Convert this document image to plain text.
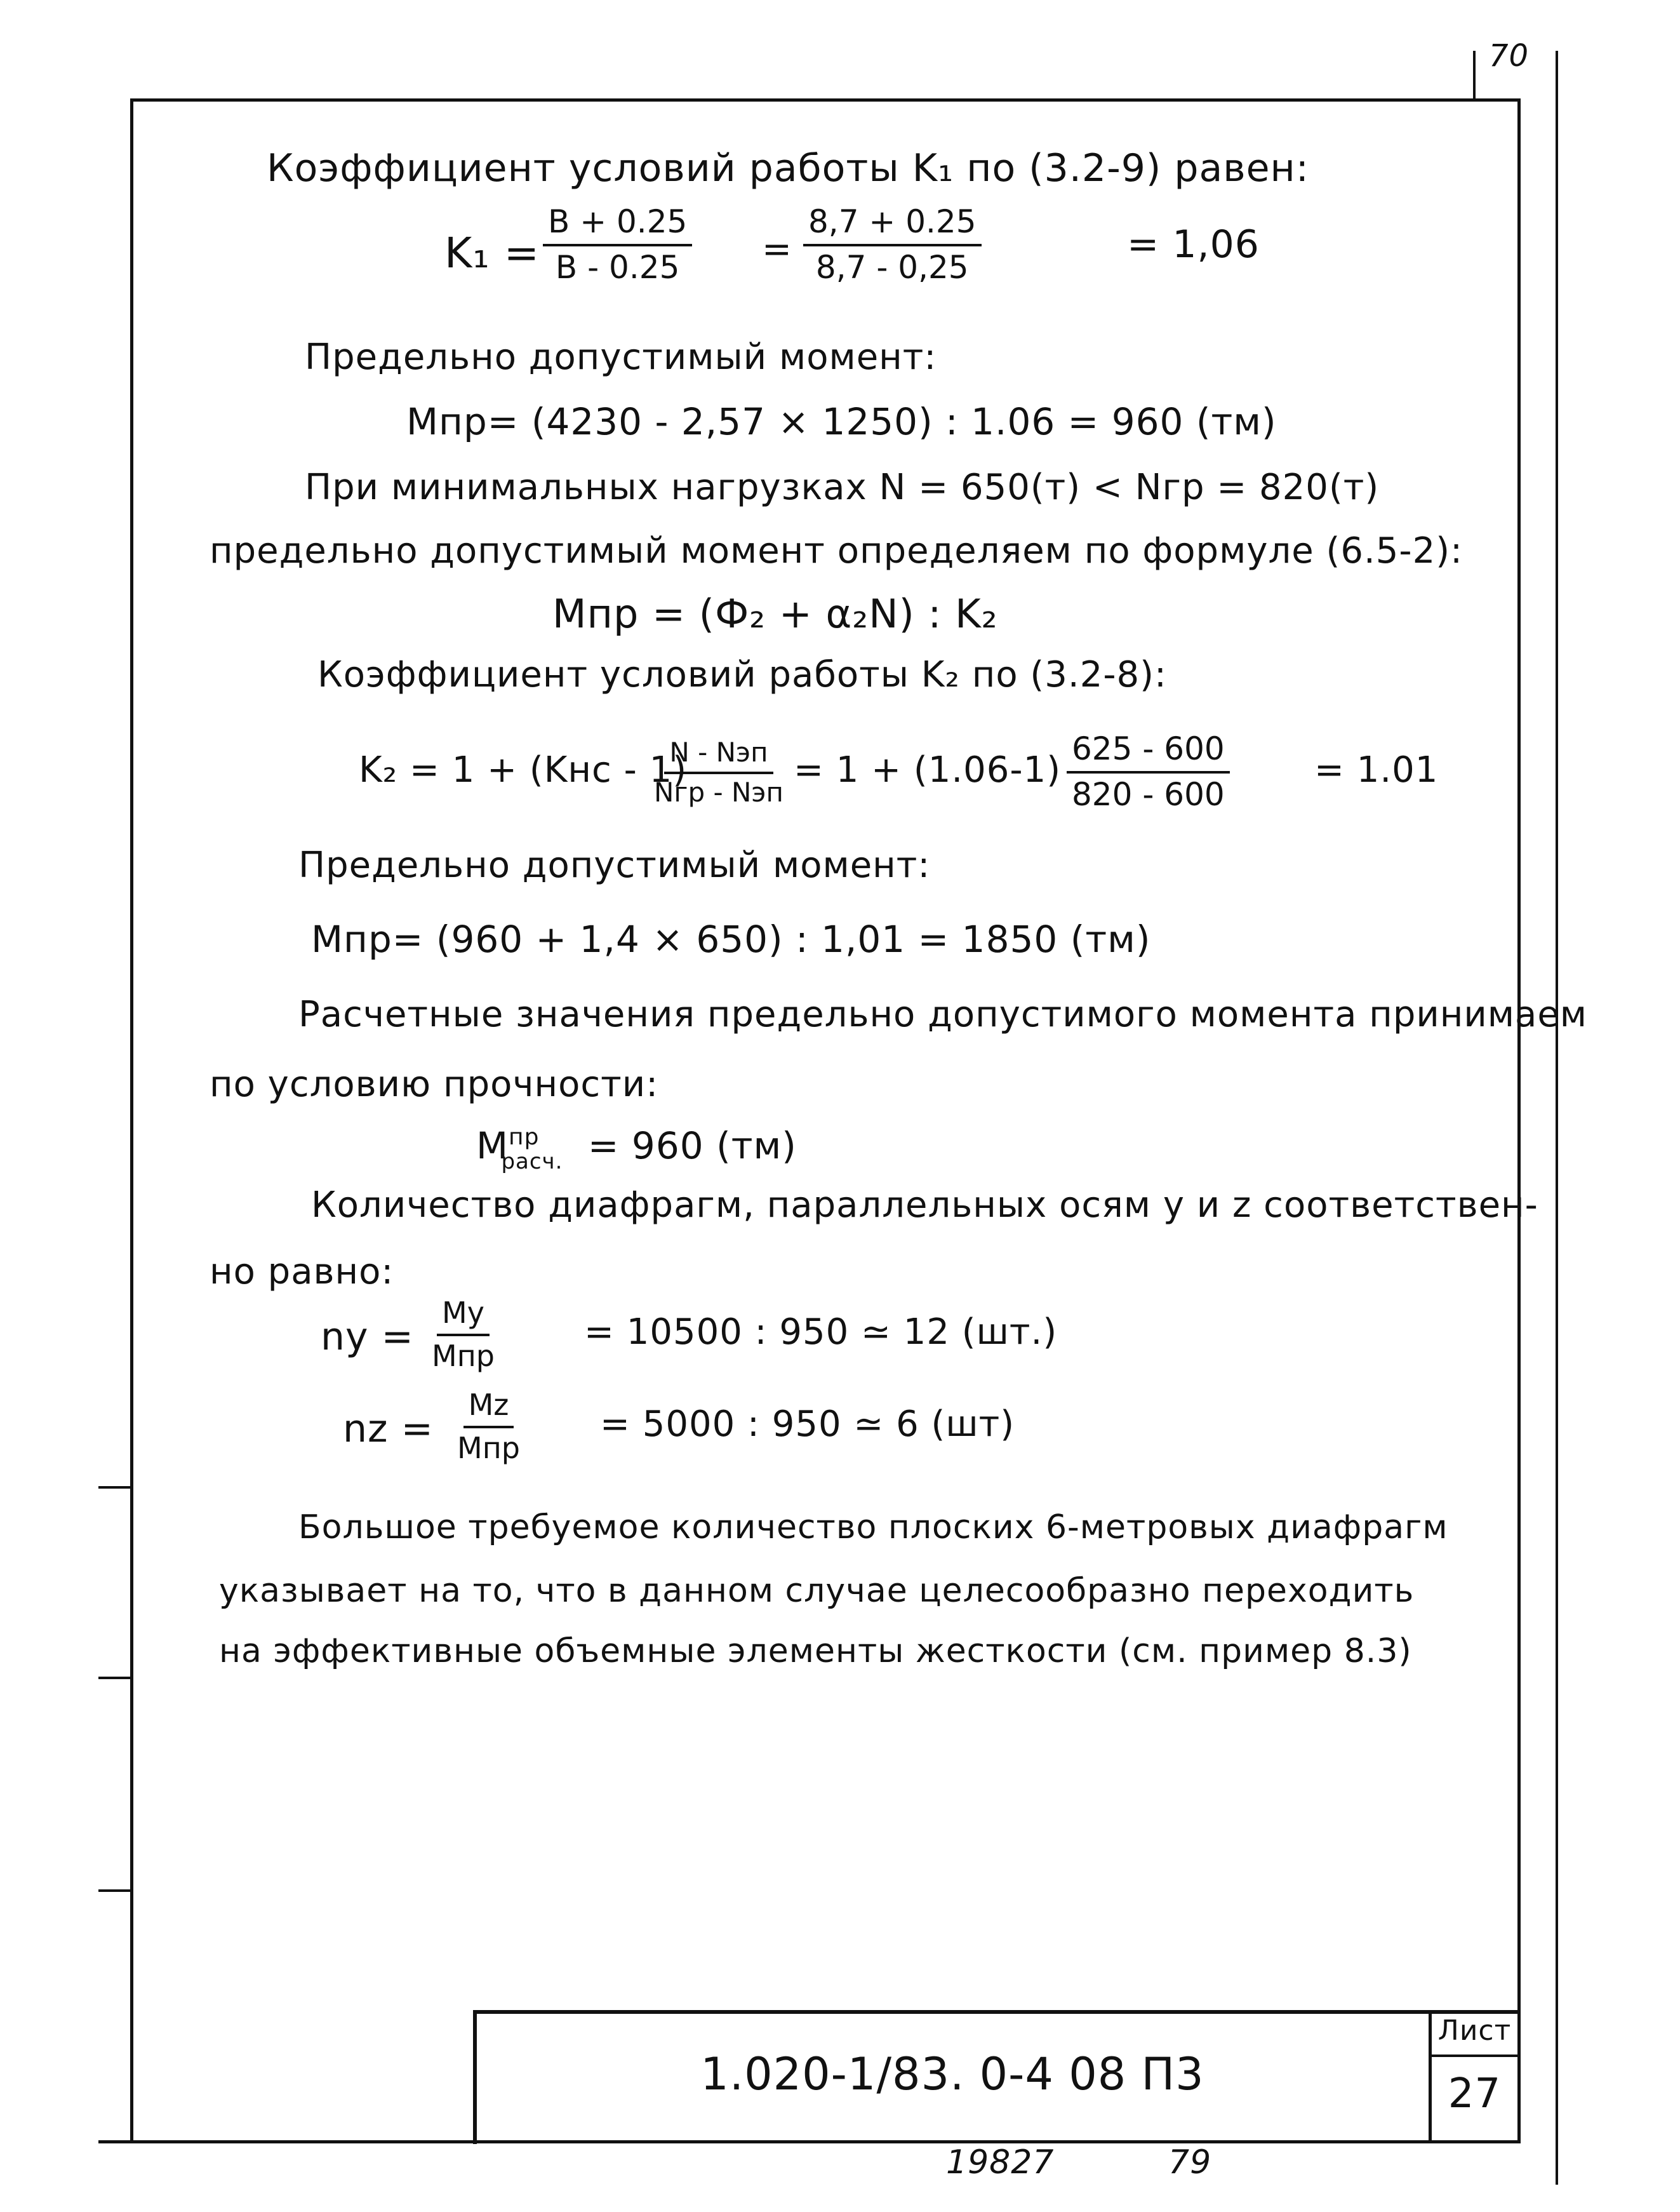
70
Коэффициент условий работы K₁ по (3.2-9) равен:
$K_1 = \frac{B + 0.25}{B - 0.25} = \frac{8,7 + 0.25}{8,7 - 0,25}$	= 1,06
Предельно допустимый момент:
Mпр= (4230 - 2,57 × 1250) : 1.06 = 960 (тм)
При минимальных нагрузках N = 650(т) < Nгр = 820(т)
предельно допустимый момент определяем по формуле (6.5-2):
Mпр = (Ф₂ + α₂N) : K₂
Коэффициент условий работы K₂ по (3.2-8):
K₂ = 1 + (Kнс - 1)
N - Nэп
Nгр - Nэп
= $1 + (1.06-1) \frac{625 - 600}{820 - 600} = 1.01$
Предельно допустимый момент:
Mпр= (960 + 1,4 × 650) : 1,01 = 1850 (тм)
Расчетные значения предельно допустимого момента принимаем
по условию прочности:
$M^{пр}_{расч.} = 960$ (тм)
Количество диафрагм, параллельных осям y и z соответствен-
но равно:
ny =
My
Mпр
= 10500 : 950 ≃ 12 (шт.)
nz =
Mz
Mпр
= 5000 : 950 ≃ 6 (шт)
Большое требуемое количество плоских 6-метровых диафрагм
указывает на то, что в данном случае целесообразно переходить
на эффективные объемные элементы жесткости (см. пример 8.3)
1.020-1/83. 0-4 08 П3
Лист
27
19827	79
